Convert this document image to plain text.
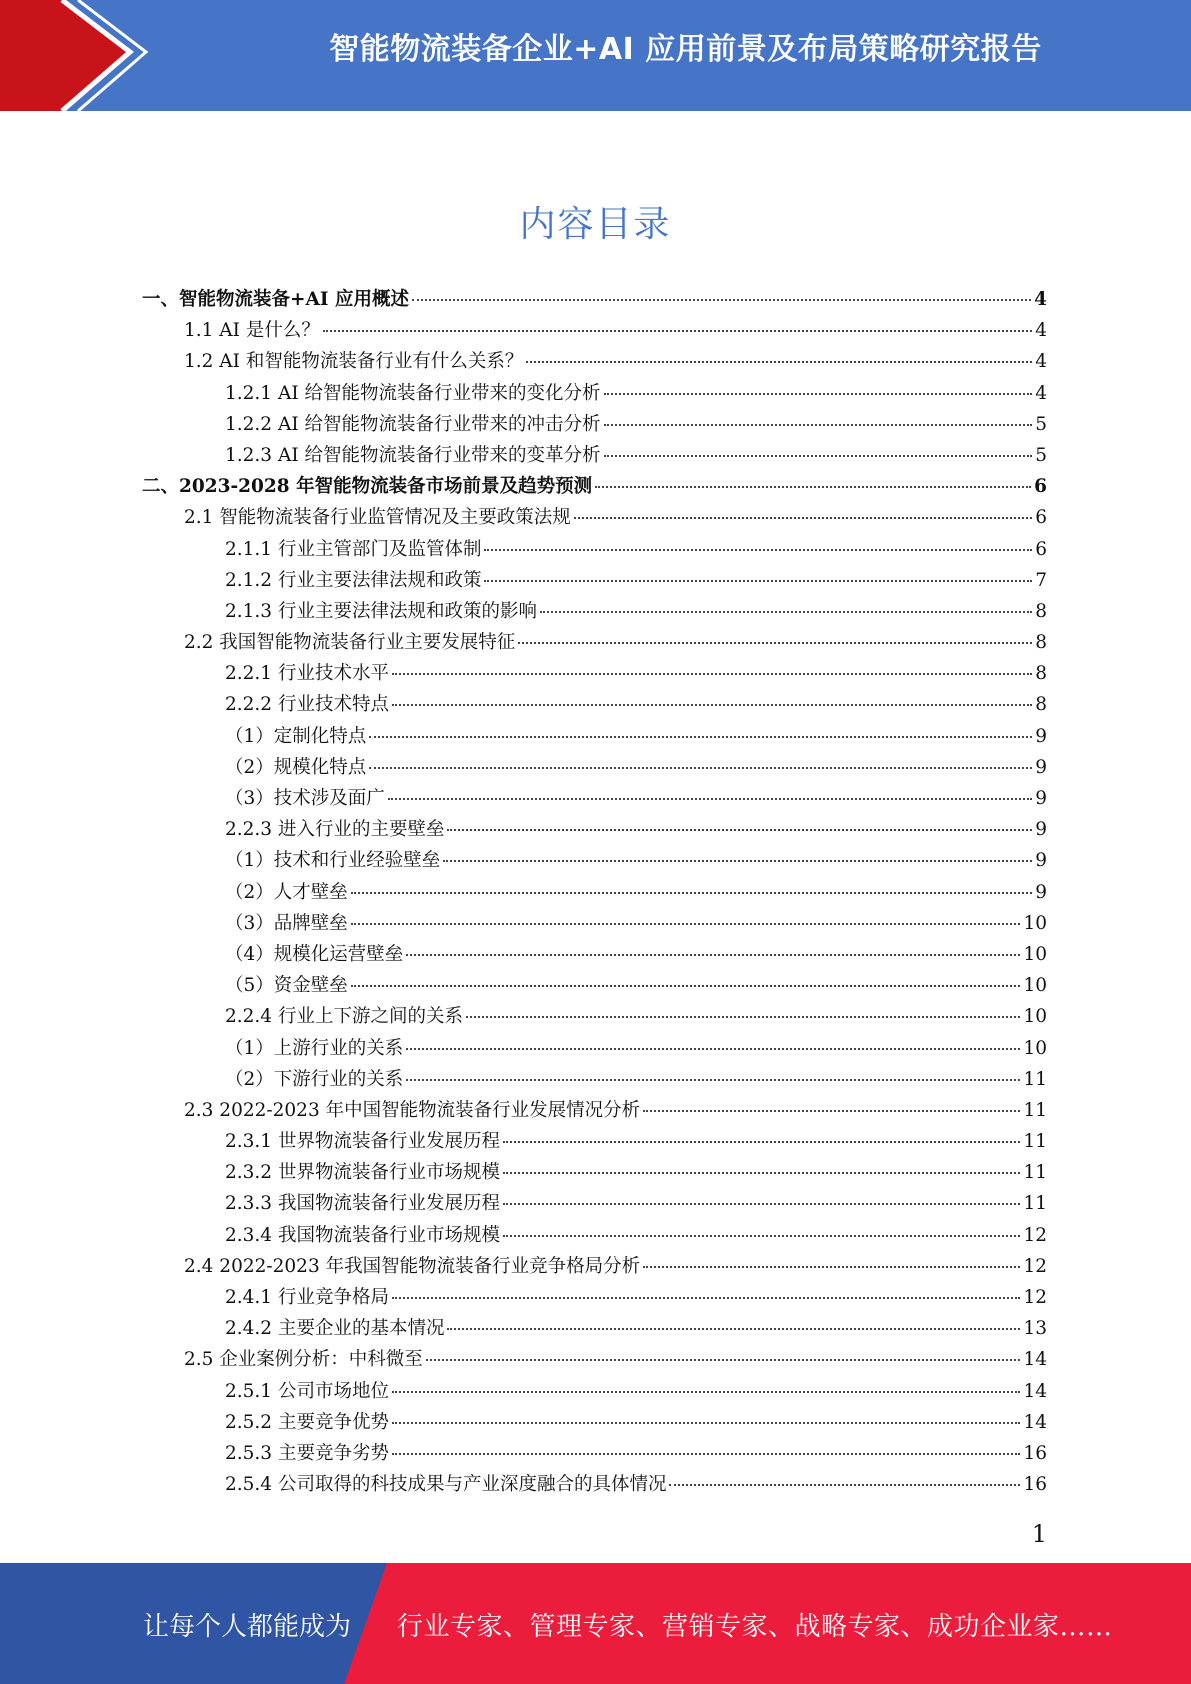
智能物流装备企业+AI 应用前景及布局策略研究报告
内容目录
一、智能物流装备+AI 应用概述	4
1.1 AI 是什么？	4
1.2 AI 和智能物流装备行业有什么关系？	4
1.2.1 AI 给智能物流装备行业带来的变化分析	4
1.2.2 AI 给智能物流装备行业带来的冲击分析	5
1.2.3 AI 给智能物流装备行业带来的变革分析	5
二、2023-2028 年智能物流装备市场前景及趋势预测	6
2.1 智能物流装备行业监管情况及主要政策法规	6
2.1.1 行业主管部门及监管体制	6
2.1.2 行业主要法律法规和政策	7
2.1.3 行业主要法律法规和政策的影响	8
2.2 我国智能物流装备行业主要发展特征	8
2.2.1 行业技术水平	8
2.2.2 行业技术特点	8
（1）定制化特点	9
（2）规模化特点	9
（3）技术涉及面广	9
2.2.3 进入行业的主要壁垒	9
（1）技术和行业经验壁垒	9
（2）人才壁垒	9
（3）品牌壁垒	10
（4）规模化运营壁垒	10
（5）资金壁垒	10
2.2.4 行业上下游之间的关系	10
（1）上游行业的关系	10
（2）下游行业的关系	11
2.3 2022-2023 年中国智能物流装备行业发展情况分析	11
2.3.1 世界物流装备行业发展历程	11
2.3.2 世界物流装备行业市场规模	11
2.3.3 我国物流装备行业发展历程	11
2.3.4 我国物流装备行业市场规模	12
2.4 2022-2023 年我国智能物流装备行业竞争格局分析	12
2.4.1 行业竞争格局	12
2.4.2 主要企业的基本情况	13
2.5 企业案例分析：中科微至	14
2.5.1 公司市场地位	14
2.5.2 主要竞争优势	14
2.5.3 主要竞争劣势	16
2.5.4 公司取得的科技成果与产业深度融合的具体情况	16
1
让每个人都能成为 行业专家、管理专家、营销专家、战略专家、成功企业家……
